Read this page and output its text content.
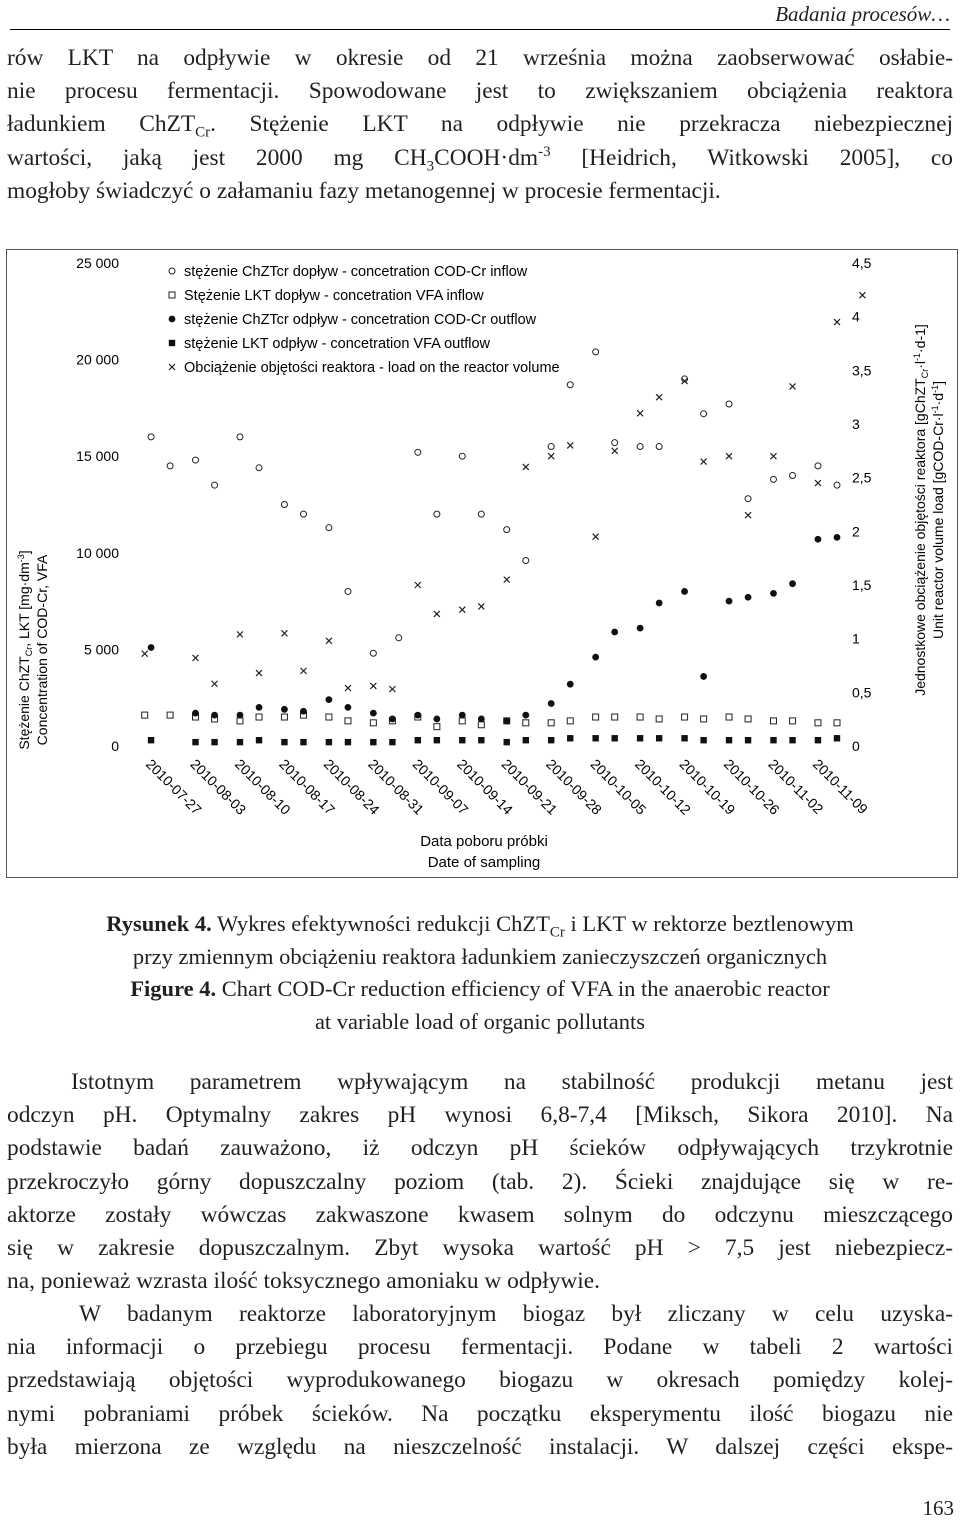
Badania procesów…
rów LKT na odpływie w okresie od 21 września można zaobserwować osłabie-
nie procesu fermentacji. Spowodowane jest to zwiększaniem obciążenia reaktora
ładunkiem ChZT$_{Cr}$. Stężenie LKT na odpływie nie przekracza niebezpiecznej
wartości, jaką jest 2000 mg $CH_3COOH\cdot dm^{-3}$ [Heidrich, Witkowski 2005], co
mogłoby świadczyć o załamaniu fazy metanogennej w procesie fermentacji.
0
5 000
10 000
15 000
20 000
25 000
0
0,5
1
1,5
2
2,5
3
3,5
4
4,5
2010-07-27
2010-08-03
2010-08-10
2010-08-17
2010-08-24
2010-08-31
2010-09-07
2010-09-14
2010-09-21
2010-09-28
2010-10-05
2010-10-12
2010-10-19
2010-10-26
2010-11-02
2010-11-09
stężenie ChZTcr dopływ - concetration COD-Cr inflow
Stężenie LKT dopływ - concetration VFA inflow
stężenie ChZTcr odpływ - concetration COD-Cr outflow
stężenie LKT odpływ - concetration VFA outflow
Obciążenie objętości reaktora - load on the reactor volume
Data poboru próbki
Date of sampling
Stężenie ChZT$_{Cr}$, LKT $[mg\cdot dm^{-3}]$
Concentration of COD-Cr, VFA	Jednostkowe obciążenie objętości reaktora $[gChZT_{Cr}\cdot l^{-1}\cdot d-1]$
Unit reactor volume load $[gCOD-Cr\cdot l^{-1}\cdot d^{-1}]$
Rysunek 4. Wykres efektywności redukcji ChZT$_{Cr}$ i LKT w rektorze beztlenowym
przy zmiennym obciążeniu reaktora ładunkiem zanieczyszczeń organicznych
Figure 4. Chart COD-Cr reduction efficiency of VFA in the anaerobic reactor
at variable load of organic pollutants
Istotnym parametrem wpływającym na stabilność produkcji metanu jest
odczyn pH. Optymalny zakres pH wynosi 6,8-7,4 [Miksch, Sikora 2010]. Na
podstawie badań zauważono, iż odczyn pH ścieków odpływających trzykrotnie
przekroczyło górny dopuszczalny poziom (tab. 2). Ścieki znajdujące się w re-
aktorze zostały wówczas zakwaszone kwasem solnym do odczynu mieszczącego
się w zakresie dopuszczalnym. Zbyt wysoka wartość pH > 7,5 jest niebezpiecz-
na, ponieważ wzrasta ilość toksycznego amoniaku w odpływie.
W badanym reaktorze laboratoryjnym biogaz był zliczany w celu uzyska-
nia informacji o przebiegu procesu fermentacji. Podane w tabeli 2 wartości
przedstawiają objętości wyprodukowanego biogazu w okresach pomiędzy kolej-
nymi pobraniami próbek ścieków. Na początku eksperymentu ilość biogazu nie
była mierzona ze względu na nieszczelność instalacji. W dalszej części ekspe-
163
